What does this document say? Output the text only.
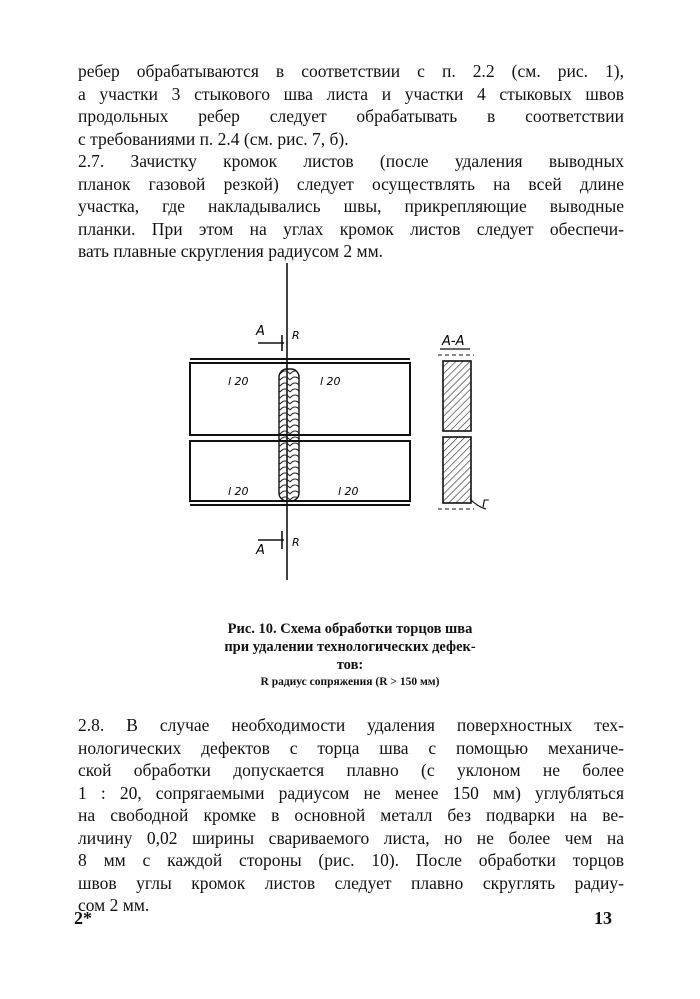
ребер обрабатываются в соответствии с п. 2.2 (см. рис. 1),
а участки 3 стыкового шва листа и участки 4 стыковых швов
продольных ребер следует обрабатывать в соответствии
с требованиями п. 2.4 (см. рис. 7, б).
2.7. Зачистку кромок листов (после удаления выводных
планок газовой резкой) следует осуществлять на всей длине
участка, где накладывались швы, прикрепляющие выводные
планки. При этом на углах кромок листов следует обеспечи-
вать плавные скругления радиусом 2 мм.
А R
А
R
l 20	l 20
l 20	l 20
А-А
г
Рис. 10. Схема обработки торцов шва
при удалении технологических дефек-
тов:
R радиус сопряжения (R > 150 мм)
2.8. В случае необходимости удаления поверхностных тех-
нологических дефектов с торца шва с помощью механиче-
ской обработки допускается плавно (с уклоном не более
1 : 20, сопрягаемыми радиусом не менее 150 мм) углубляться
на свободной кромке в основной металл без подварки на ве-
личину 0,02 ширины свариваемого листа, но не более чем на
8 мм с каждой стороны (рис. 10). После обработки торцов
швов углы кромок листов следует плавно скруглять радиу-
сом 2 мм.
2*	13
